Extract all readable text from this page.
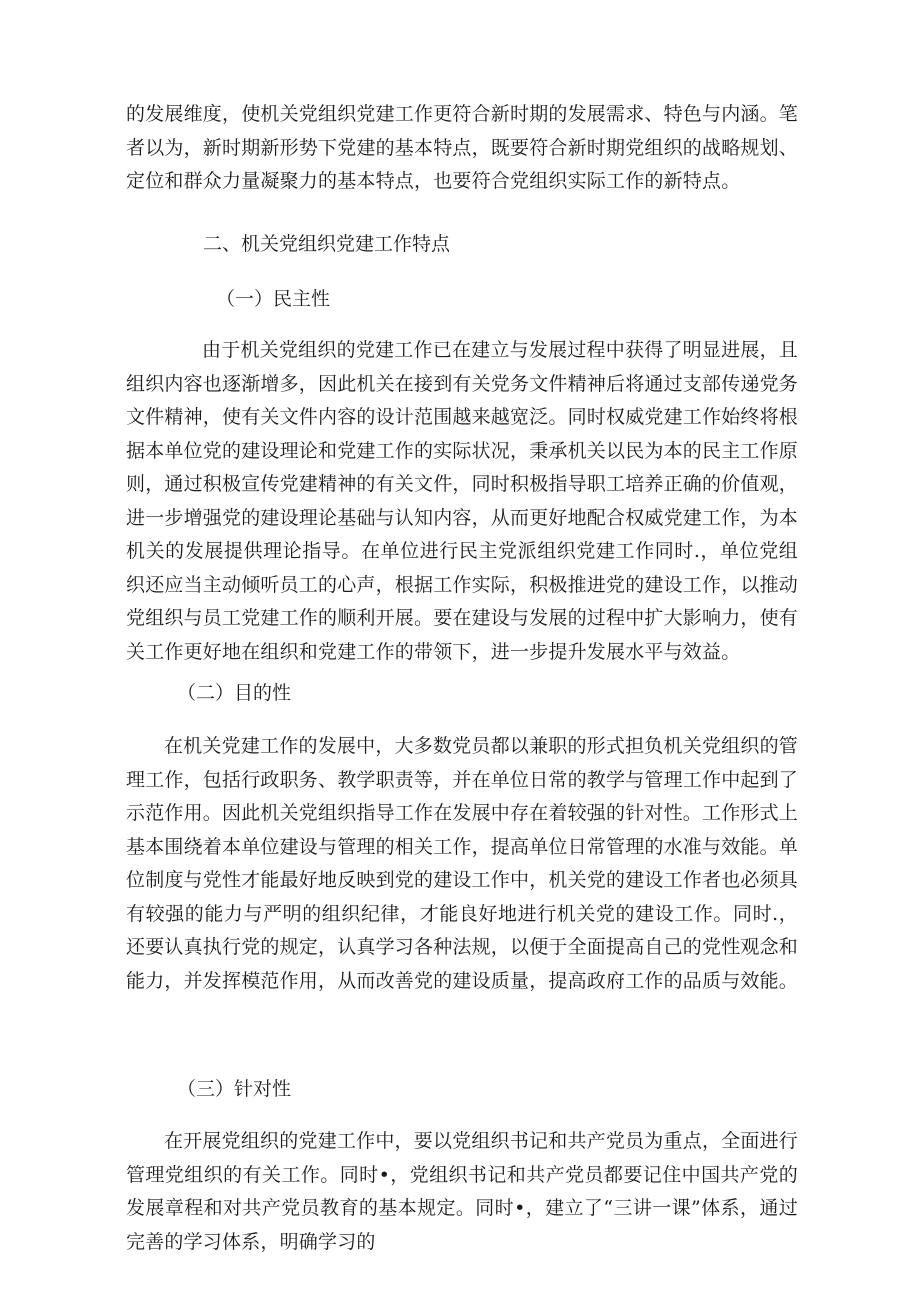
的发展维度，使机关党组织党建工作更符合新时期的发展需求、特色与内涵。笔者以为，新时期新形势下党建的基本特点，既要符合新时期党组织的战略规划、定位和群众力量凝聚力的基本特点，也要符合党组织实际工作的新特点。

二、机关党组织党建工作特点

（一）民主性

由于机关党组织的党建工作已在建立与发展过程中获得了明显进展，且组织内容也逐渐增多，因此机关在接到有关党务文件精神后将通过支部传递党务文件精神，使有关文件内容的设计范围越来越宽泛。同时权威党建工作始终将根据本单位党的建设理论和党建工作的实际状况，秉承机关以民为本的民主工作原则，通过积极宣传党建精神的有关文件，同时积极指导职工培养正确的价值观，进一步增强党的建设理论基础与认知内容，从而更好地配合权威党建工作，为本机关的发展提供理论指导。在单位进行民主党派组织党建工作同时.，单位党组织还应当主动倾听员工的心声，根据工作实际，积极推进党的建设工作，以推动党组织与员工党建工作的顺利开展。要在建设与发展的过程中扩大影响力，使有关工作更好地在组织和党建工作的带领下，进一步提升发展水平与效益。

（二）目的性

在机关党建工作的发展中，大多数党员都以兼职的形式担负机关党组织的管理工作，包括行政职务、教学职责等，并在单位日常的教学与管理工作中起到了示范作用。因此机关党组织指导工作在发展中存在着较强的针对性。工作形式上基本围绕着本单位建设与管理的相关工作，提高单位日常管理的水准与效能。单位制度与党性才能最好地反映到党的建设工作中，机关党的建设工作者也必须具有较强的能力与严明的组织纪律，才能良好地进行机关党的建设工作。同时.，还要认真执行党的规定，认真学习各种法规，以便于全面提高自己的党性观念和能力，并发挥模范作用，从而改善党的建设质量，提高政府工作的品质与效能。

（三）针对性

在开展党组织的党建工作中，要以党组织书记和共产党员为重点，全面进行管理党组织的有关工作。同时•，党组织书记和共产党员都要记住中国共产党的发展章程和对共产党员教育的基本规定。同时•，建立了“三讲一课”体系，通过完善的学习体系，明确学习的
